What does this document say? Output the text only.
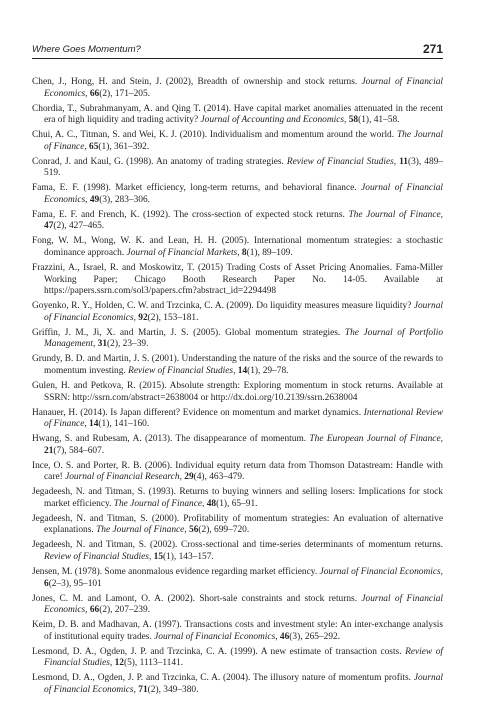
Where Goes Momentum?	271
Chen, J., Hong, H. and Stein, J. (2002), Breadth of ownership and stock returns. Journal of Financial Economics, 66(2), 171–205.
Chordia, T., Subrahmanyam, A. and Qing T. (2014). Have capital market anomalies attenuated in the recent era of high liquidity and trading activity? Journal of Accounting and Economics, 58(1), 41–58.
Chui, A. C., Titman, S. and Wei, K. J. (2010). Individualism and momentum around the world. The Journal of Finance, 65(1), 361–392.
Conrad, J. and Kaul, G. (1998). An anatomy of trading strategies. Review of Financial Studies, 11(3), 489–519.
Fama, E. F. (1998). Market efficiency, long-term returns, and behavioral finance. Journal of Financial Economics, 49(3), 283–306.
Fama, E. F. and French, K. (1992). The cross-section of expected stock returns. The Journal of Finance, 47(2), 427–465.
Fong, W. M., Wong, W. K. and Lean, H. H. (2005). International momentum strategies: a stochastic dominance approach. Journal of Financial Markets, 8(1), 89–109.
Frazzini, A., Israel, R. and Moskowitz, T. (2015) Trading Costs of Asset Pricing Anomalies. Fama-Miller Working Paper; Chicago Booth Research Paper No. 14-05. Available at https://papers.ssrn.com/sol3/papers.cfm?abstract_id=2294498
Goyenko, R. Y., Holden, C. W. and Trzcinka, C. A. (2009). Do liquidity measures measure liquidity? Journal of Financial Economics, 92(2), 153–181.
Griffin, J. M., Ji, X. and Martin, J. S. (2005). Global momentum strategies. The Journal of Portfolio Management, 31(2), 23–39.
Grundy, B. D. and Martin, J. S. (2001). Understanding the nature of the risks and the source of the rewards to momentum investing. Review of Financial Studies, 14(1), 29–78.
Gulen, H. and Petkova, R. (2015). Absolute strength: Exploring momentum in stock returns. Available at SSRN: http://ssrn.com/abstract=2638004 or http://dx.doi.org/10.2139/ssrn.2638004
Hanauer, H. (2014). Is Japan different? Evidence on momentum and market dynamics. International Review of Finance, 14(1), 141–160.
Hwang, S. and Rubesam, A. (2013). The disappearance of momentum. The European Journal of Finance, 21(7), 584–607.
Ince, O. S. and Porter, R. B. (2006). Individual equity return data from Thomson Datastream: Handle with care! Journal of Financial Research, 29(4), 463–479.
Jegadeesh, N. and Titman, S. (1993). Returns to buying winners and selling losers: Implications for stock market efficiency. The Journal of Finance, 48(1), 65–91.
Jegadeesh, N. and Titman, S. (2000). Profitability of momentum strategies: An evaluation of alternative explanations. The Journal of Finance, 56(2), 699–720.
Jegadeesh, N. and Titman, S. (2002). Cross-sectional and time-series determinants of momentum returns. Review of Financial Studies, 15(1), 143–157.
Jensen, M. (1978). Some anonmalous evidence regarding market efficiency. Journal of Financial Economics, 6(2–3), 95–101
Jones, C. M. and Lamont, O. A. (2002). Short-sale constraints and stock returns. Journal of Financial Economics, 66(2), 207–239.
Keim, D. B. and Madhavan, A. (1997). Transactions costs and investment style: An inter-exchange analysis of institutional equity trades. Journal of Financial Economics, 46(3), 265–292.
Lesmond, D. A., Ogden, J. P. and Trzcinka, C. A. (1999). A new estimate of transaction costs. Review of Financial Studies, 12(5), 1113–1141.
Lesmond, D. A., Ogden, J. P. and Trzcinka, C. A. (2004). The illusory nature of momentum profits. Journal of Financial Economics, 71(2), 349–380.
